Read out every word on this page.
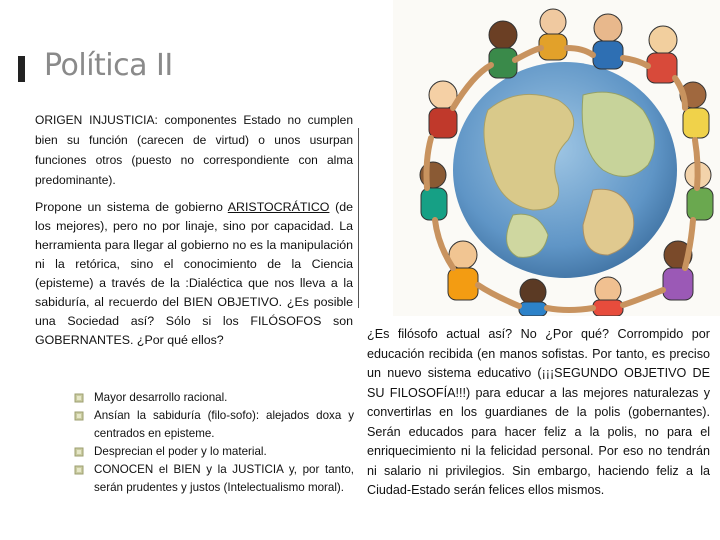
Política II
ORIGEN INJUSTICIA: componentes Estado no cumplen bien su función (carecen de virtud) o unos usurpan funciones otros (puesto no correspondiente con alma predominante).
Propone un sistema de gobierno ARISTOCRÁTICO (de los mejores), pero no por linaje, sino por capacidad. La herramienta para llegar al gobierno no es la manipulación ni la retórica, sino el conocimiento de la Ciencia (episteme) a través de la :Dialéctica que nos lleva a la sabiduría, al recuerdo del BIEN OBJETIVO. ¿Es posible una Sociedad así? Sólo si los FILÓSOFOS son GOBERNANTES. ¿Por qué ellos?
Mayor desarrollo racional.
Ansían la sabiduría (filo-sofo): alejados doxa y centrados en episteme.
Desprecian el poder y lo material.
CONOCEN el BIEN y la JUSTICIA y, por tanto, serán prudentes y justos (Intelectualismo moral).
¿Es filósofo actual así? No ¿Por qué? Corrompido por educación recibida (en manos sofistas. Por tanto, es preciso un nuevo sistema educativo (¡¡¡SEGUNDO OBJETIVO DE SU FILOSOFÍA!!!) para educar a las mejores naturalezas y convertirlas en los guardianes de la polis (gobernantes). Serán educados para hacer feliz a la polis, no para el enriquecimiento ni la felicidad personal. Por eso no tendrán ni salario ni privilegios. Sin embargo, haciendo feliz a la Ciudad-Estado serán felices ellos mismos.
